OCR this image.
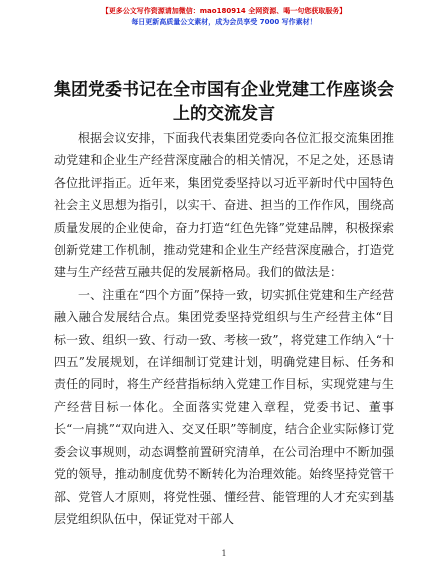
【更多公文写作资源请加微信：mao180914 全网资源、喝一句您获取服务】
每日更新高质量公文素材，成为会员享受 7000 写作素材！
集团党委书记在全市国有企业党建工作座谈会
上的交流发言

根据会议安排，下面我代表集团党委向各位汇报交流集团推动党建和企业生产经营深度融合的相关情况，不足之处，还恳请各位批评指正。近年来，集团党委坚持以习近平新时代中国特色社会主义思想为指引，以实干、奋进、担当的工作作风，围绕高质量发展的企业使命，奋力打造“红色先锋”党建品牌，积极探索创新党建工作机制，推动党建和企业生产经营深度融合，打造党建与生产经营互融共促的发展新格局。我们的做法是：

一、注重在“四个方面”保持一致，切实抓住党建和生产经营融入融合发展结合点。集团党委坚持党组织与生产经营主体“目标一致、组织一致、行动一致、考核一致”，将党建工作纳入“十四五”发展规划，在详细制订党建计划，明确党建目标、任务和责任的同时，将生产经营指标纳入党建工作目标，实现党建与生产经营目标一体化。全面落实党建入章程，党委书记、董事长“一肩挑”“双向进入、交叉任职”等制度，结合企业实际修订党委会议事规则，动态调整前置研究清单，在公司治理中不断加强党的领导，推动制度优势不断转化为治理效能。始终坚持党管干部、党管人才原则，将党性强、懂经营、能管理的人才充实到基层党组织队伍中，保证党对干部人

1
